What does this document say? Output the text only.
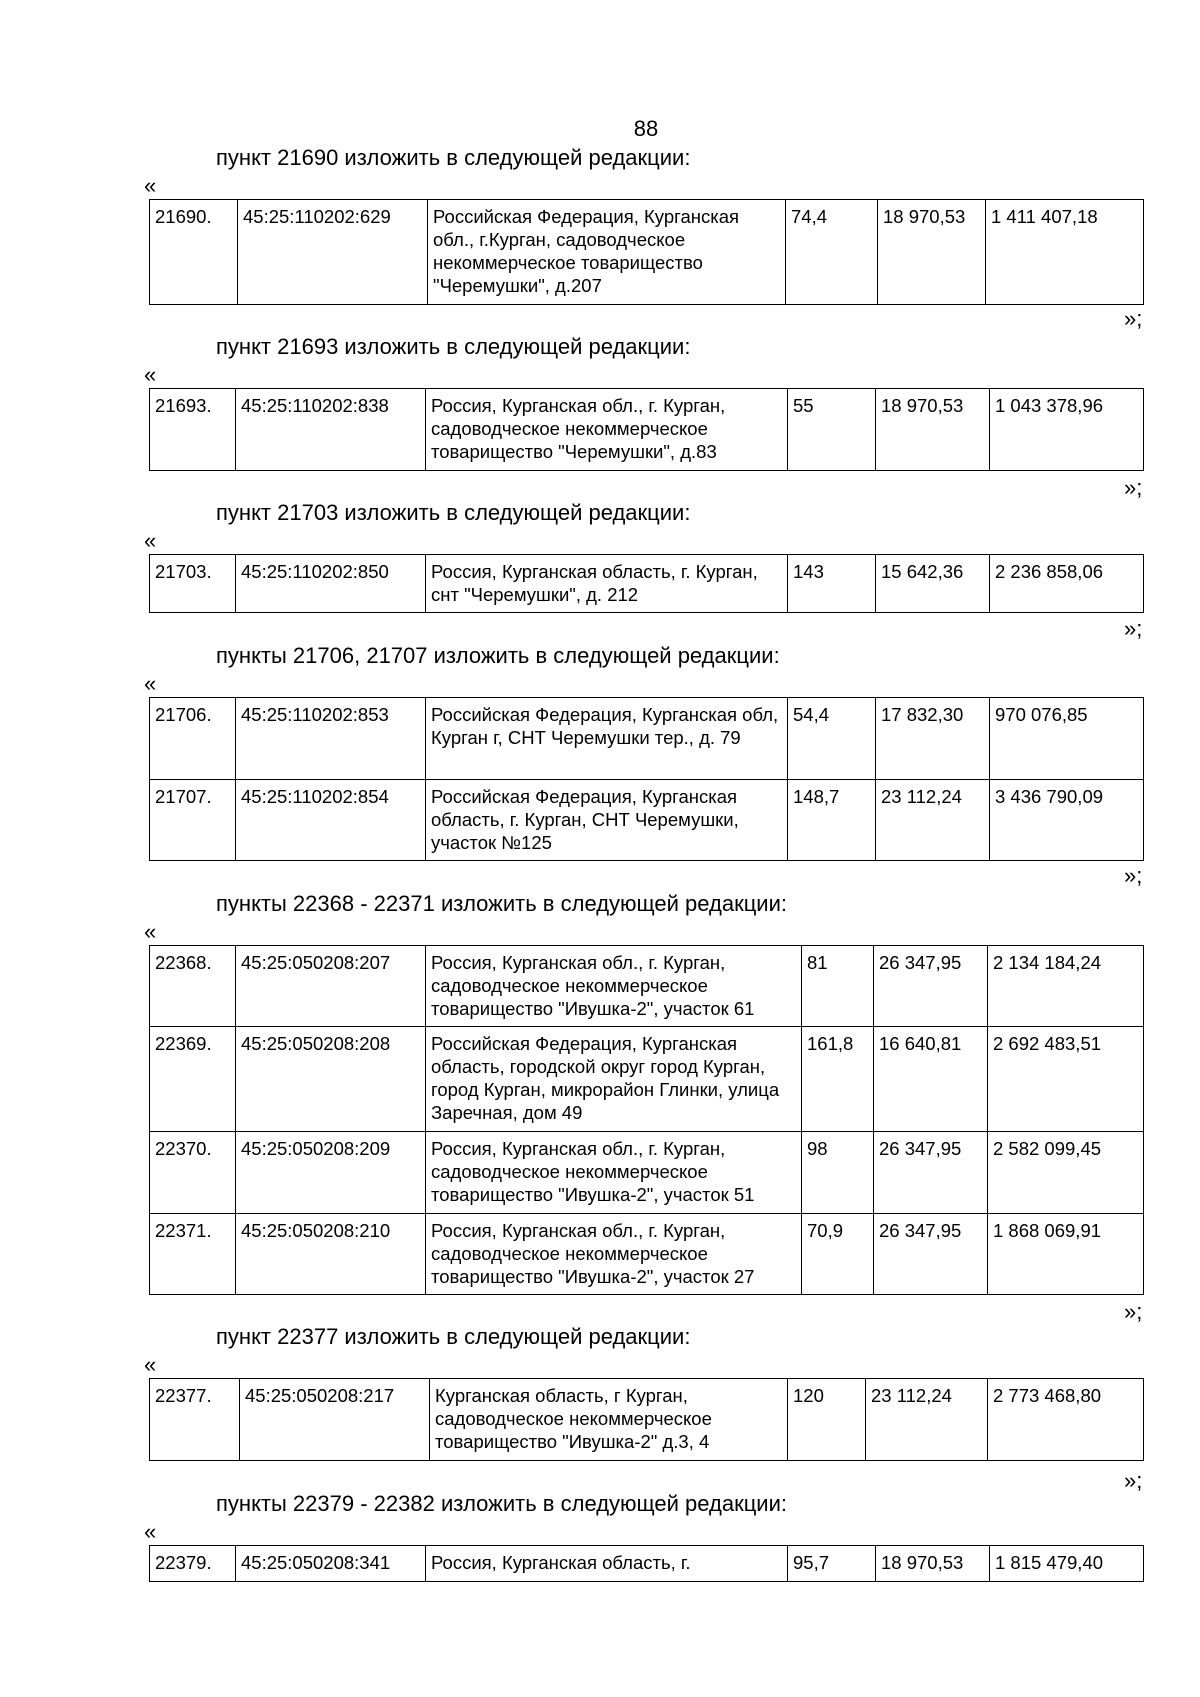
88
пункт 21690 изложить в следующей редакции:
«
21690.	45:25:110202:629	Российская Федерация, Курганская обл., г.Курган, садоводческое некоммерческое товарищество "Черемушки", д.207	74,4	18 970,53	1 411 407,18
»;
пункт 21693 изложить в следующей редакции:
«
21693.	45:25:110202:838	Россия, Курганская обл., г. Курган, садоводческое некоммерческое товарищество "Черемушки", д.83	55	18 970,53	1 043 378,96
»;
пункт 21703 изложить в следующей редакции:
«
21703.	45:25:110202:850	Россия, Курганская область, г. Курган, снт "Черемушки", д. 212	143	15 642,36	2 236 858,06
»;
пункты 21706, 21707 изложить в следующей редакции:
«
21706.	45:25:110202:853	Российская Федерация, Курганская обл, Курган г, СНТ Черемушки тер., д. 79	54,4	17 832,30	970 076,85
21707.	45:25:110202:854	Российская Федерация, Курганская область, г. Курган, СНТ Черемушки, участок №125	148,7	23 112,24	3 436 790,09
»;
пункты 22368 - 22371 изложить в следующей редакции:
«
22368.	45:25:050208:207	Россия, Курганская обл., г. Курган, садоводческое некоммерческое товарищество "Ивушка-2", участок 61	81	26 347,95	2 134 184,24
22369.	45:25:050208:208	Российская Федерация, Курганская область, городской округ город Курган, город Курган, микрорайон Глинки, улица Заречная, дом 49	161,8	16 640,81	2 692 483,51
22370.	45:25:050208:209	Россия, Курганская обл., г. Курган, садоводческое некоммерческое товарищество "Ивушка-2", участок 51	98	26 347,95	2 582 099,45
22371.	45:25:050208:210	Россия, Курганская обл., г. Курган, садоводческое некоммерческое товарищество "Ивушка-2", участок 27	70,9	26 347,95	1 868 069,91
»;
пункт 22377 изложить в следующей редакции:
«
22377.	45:25:050208:217	Курганская область, г Курган, садоводческое некоммерческое товарищество "Ивушка-2" д.3, 4	120	23 112,24	2 773 468,80
»;
пункты 22379 - 22382 изложить в следующей редакции:
«
22379.	45:25:050208:341	Россия, Курганская область, г.	95,7	18 970,53	1 815 479,40
